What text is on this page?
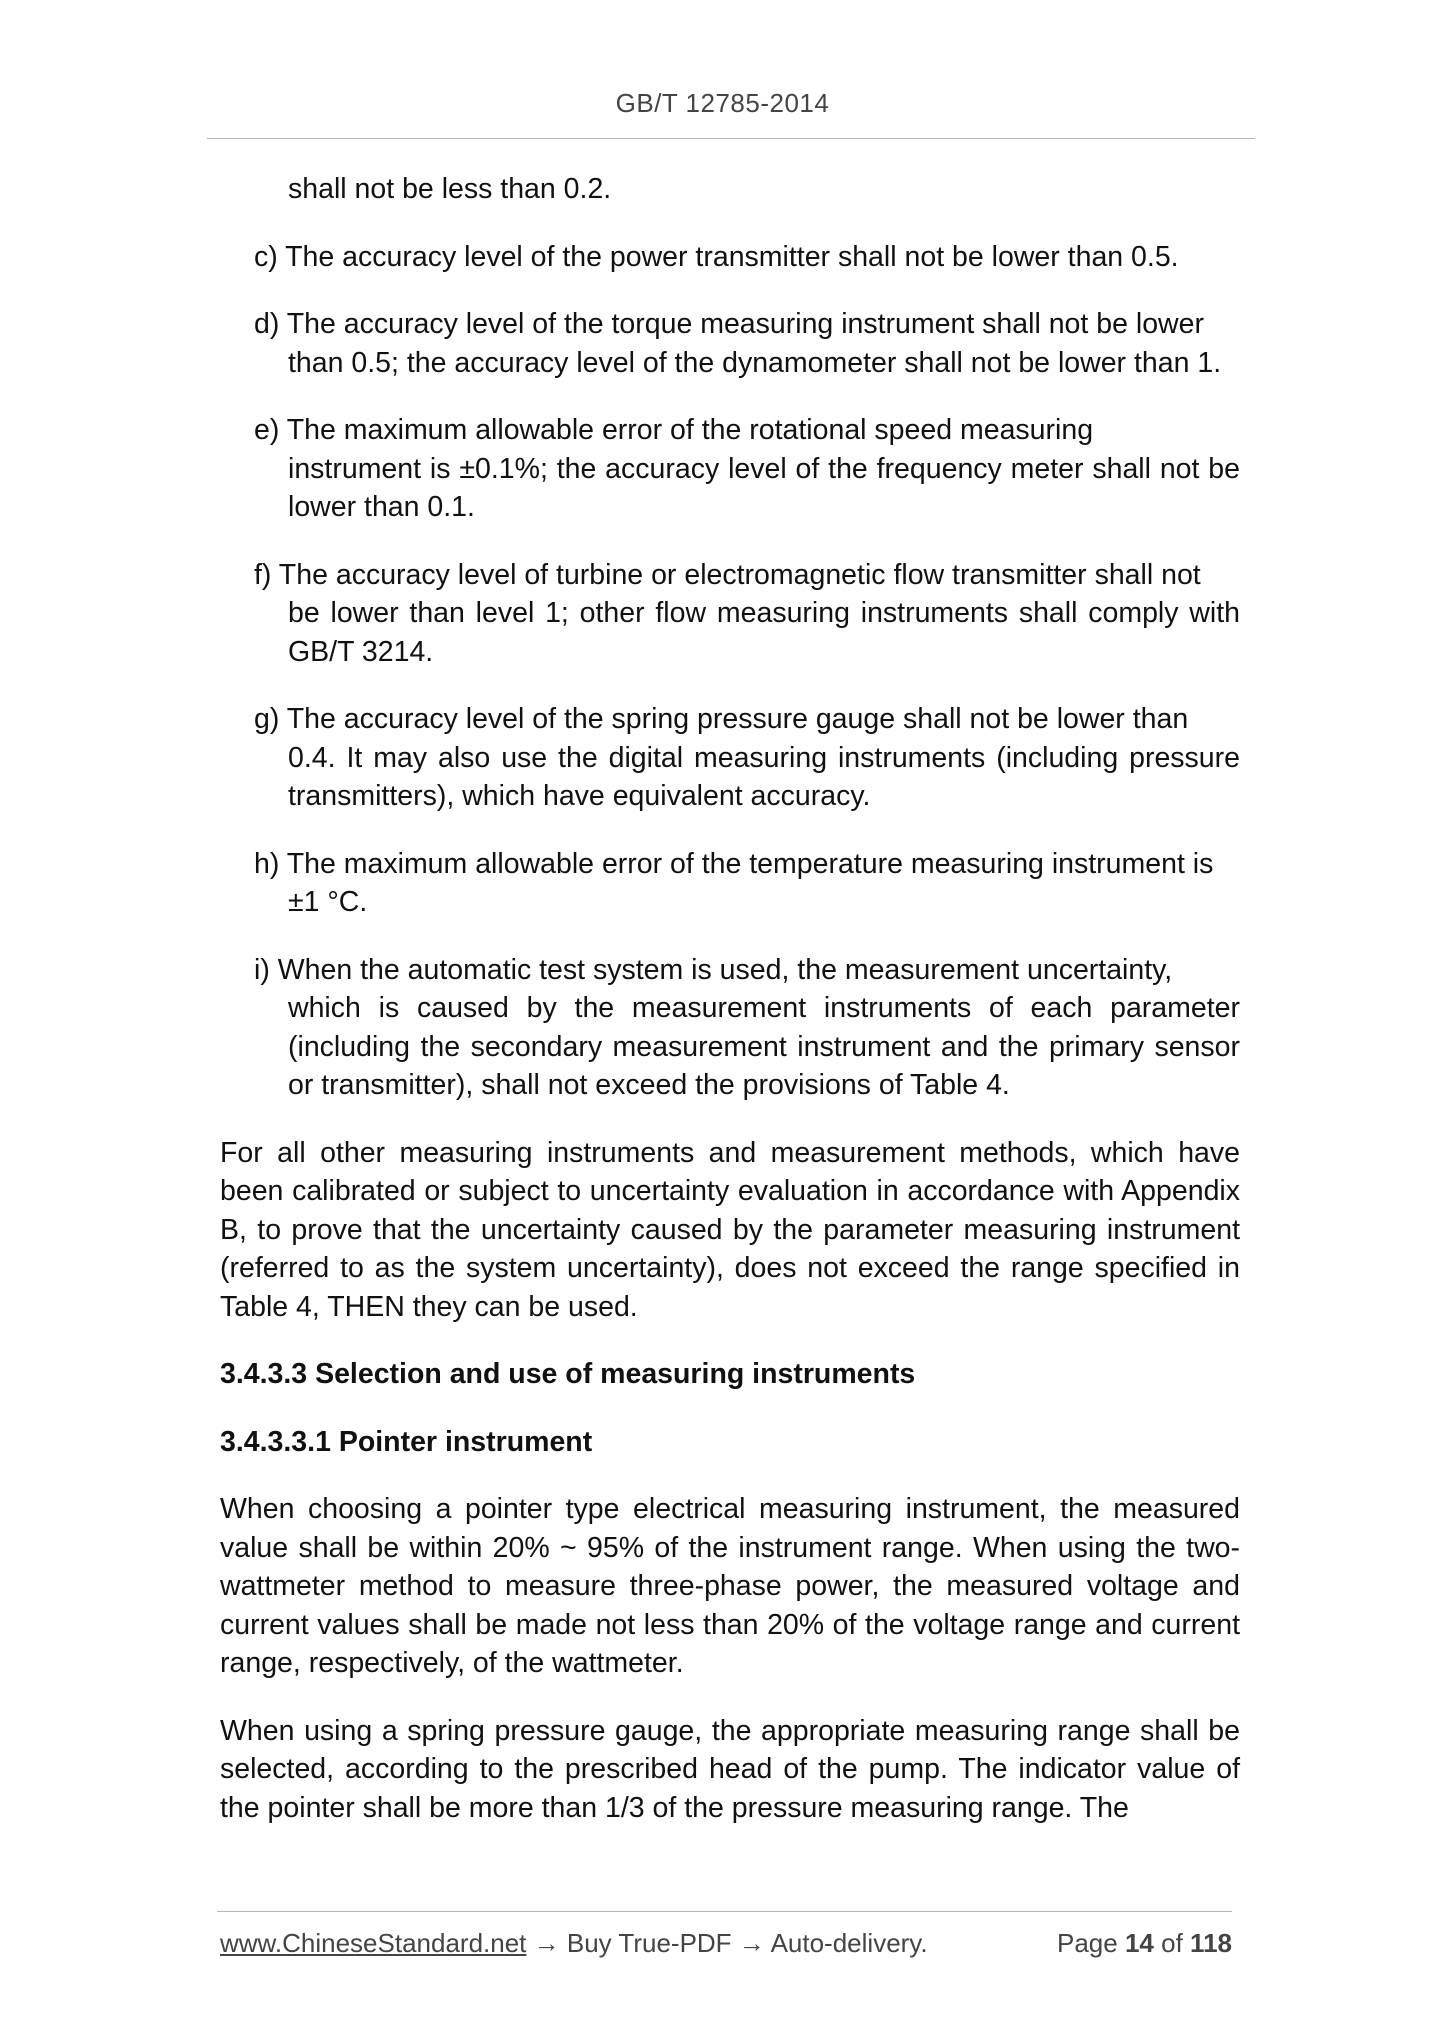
GB/T 12785-2014

shall not be less than 0.2.

c) The accuracy level of the power transmitter shall not be lower than 0.5.

d) The accuracy level of the torque measuring instrument shall not be lower
than 0.5; the accuracy level of the dynamometer shall not be lower than 1.

e) The maximum allowable error of the rotational speed measuring
instrument is ±0.1%; the accuracy level of the frequency meter shall not be lower than 0.1.

f) The accuracy level of turbine or electromagnetic flow transmitter shall not
be lower than level 1; other flow measuring instruments shall comply with GB/T 3214.

g) The accuracy level of the spring pressure gauge shall not be lower than
0.4. It may also use the digital measuring instruments (including pressure transmitters), which have equivalent accuracy.

h) The maximum allowable error of the temperature measuring instrument is
±1 °C.

i) When the automatic test system is used, the measurement uncertainty,
which is caused by the measurement instruments of each parameter (including the secondary measurement instrument and the primary sensor or transmitter), shall not exceed the provisions of Table 4.

For all other measuring instruments and measurement methods, which have been calibrated or subject to uncertainty evaluation in accordance with Appendix B, to prove that the uncertainty caused by the parameter measuring instrument (referred to as the system uncertainty), does not exceed the range specified in Table 4, THEN they can be used.

3.4.3.3 Selection and use of measuring instruments

3.4.3.3.1 Pointer instrument

When choosing a pointer type electrical measuring instrument, the measured value shall be within 20% ~ 95% of the instrument range. When using the two-wattmeter method to measure three-phase power, the measured voltage and current values shall be made not less than 20% of the voltage range and current range, respectively, of the wattmeter.

When using a spring pressure gauge, the appropriate measuring range shall be selected, according to the prescribed head of the pump. The indicator value of the pointer shall be more than 1/3 of the pressure measuring range. The

www.ChineseStandard.net → Buy True-PDF → Auto-delivery.	Page 14 of 118
